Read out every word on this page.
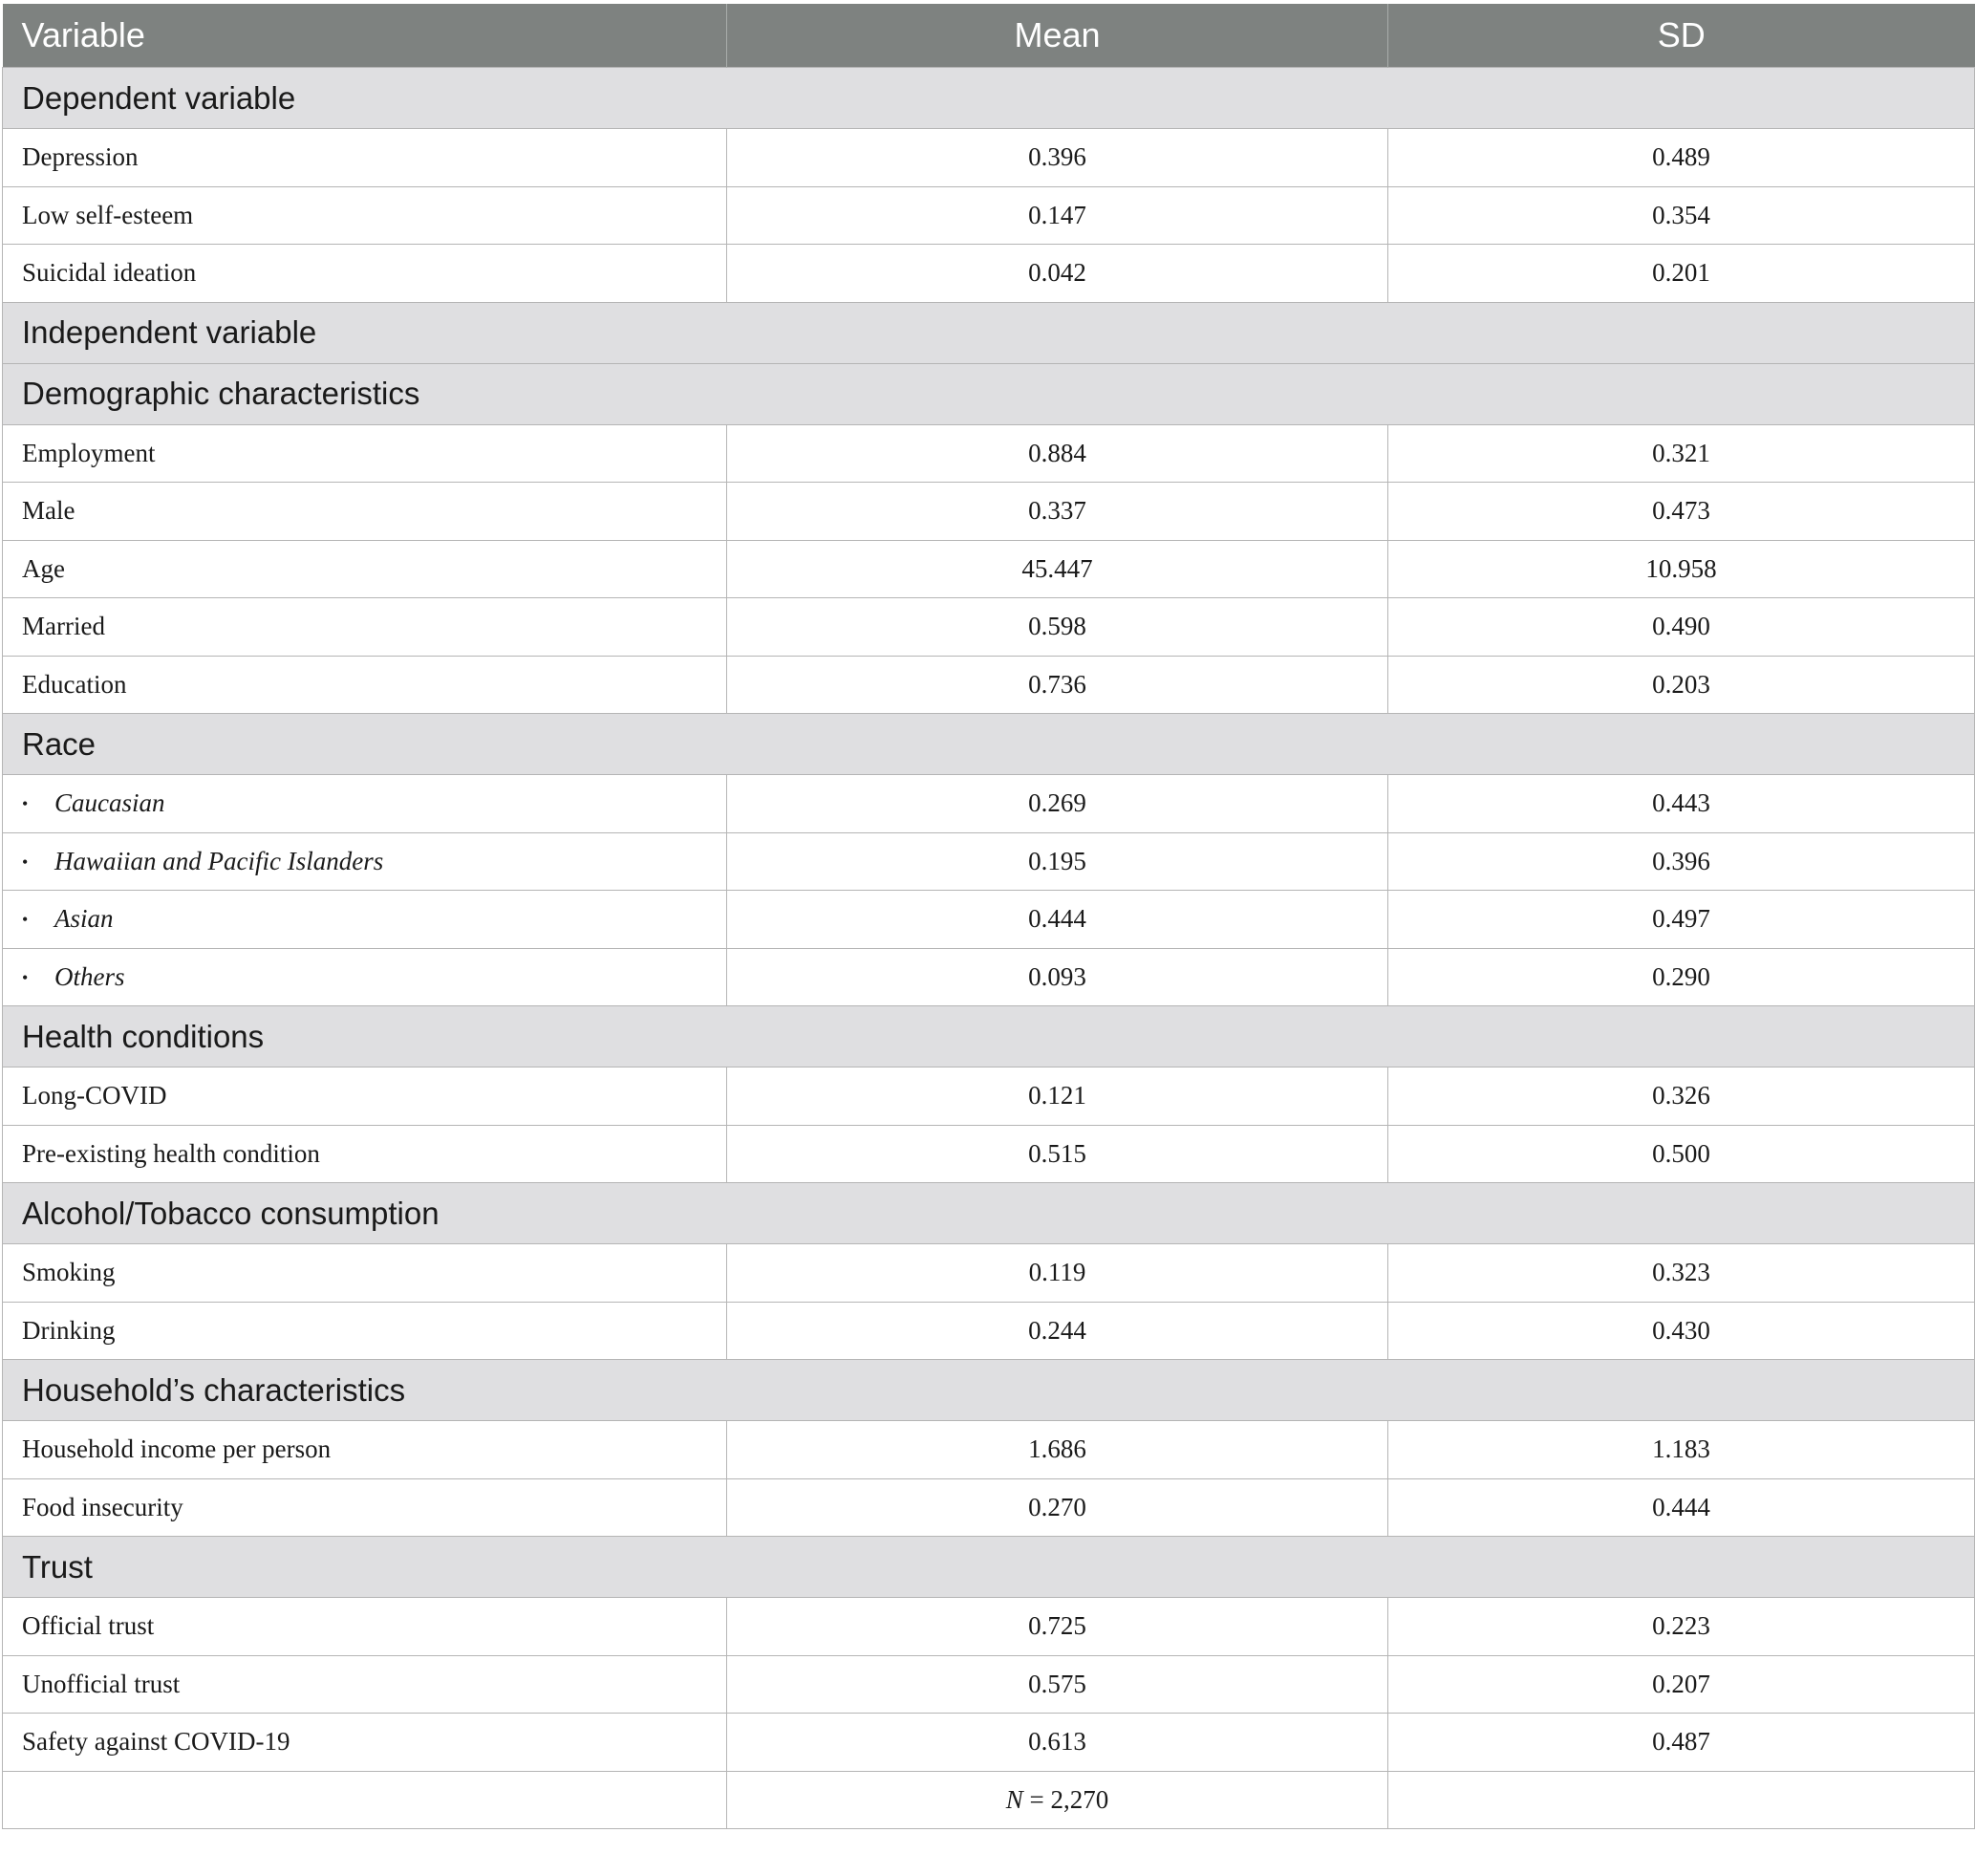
Variable	Mean	SD
Dependent variable		
Depression	0.396	0.489
Low self-esteem	0.147	0.354
Suicidal ideation	0.042	0.201
Independent variable		
Demographic characteristics		
Employment	0.884	0.321
Male	0.337	0.473
Age	45.447	10.958
Married	0.598	0.490
Education	0.736	0.203
Race		
• Caucasian	0.269	0.443
• Hawaiian and Pacific Islanders	0.195	0.396
• Asian	0.444	0.497
• Others	0.093	0.290
Health conditions		
Long-COVID	0.121	0.326
Pre-existing health condition	0.515	0.500
Alcohol/Tobacco consumption		
Smoking	0.119	0.323
Drinking	0.244	0.430
Household’s characteristics		
Household income per person	1.686	1.183
Food insecurity	0.270	0.444
Trust		
Official trust	0.725	0.223
Unofficial trust	0.575	0.207
Safety against COVID-19	0.613	0.487
	N = 2,270	
